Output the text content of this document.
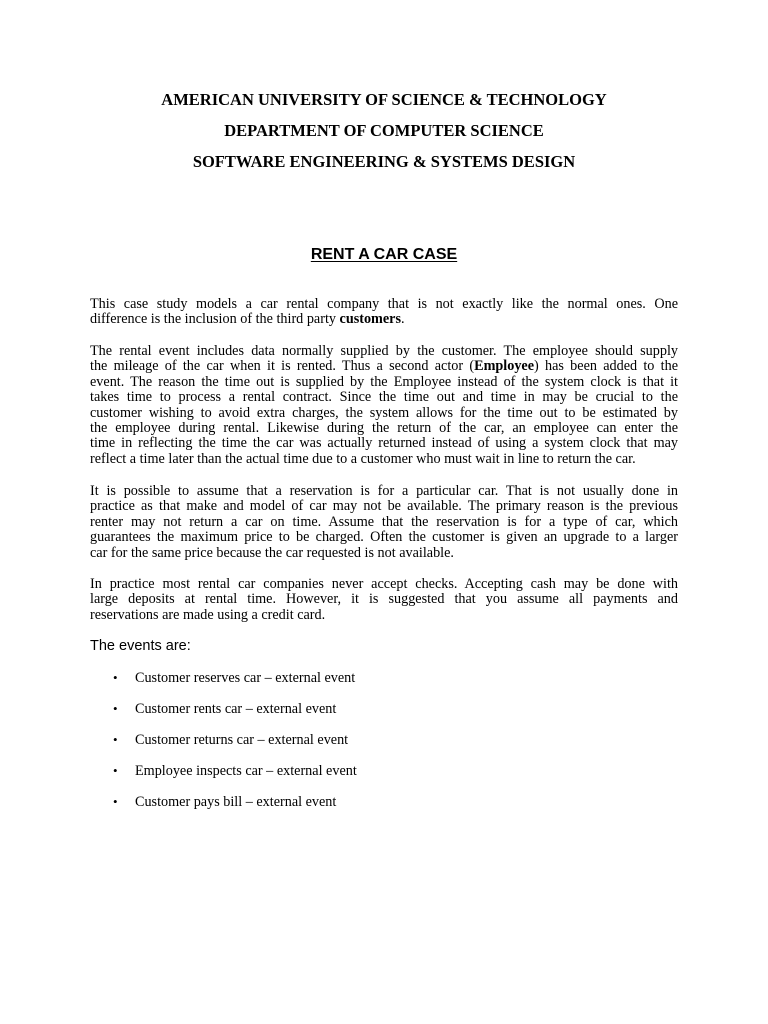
AMERICAN UNIVERSITY OF SCIENCE & TECHNOLOGY
DEPARTMENT OF COMPUTER SCIENCE
SOFTWARE ENGINEERING & SYSTEMS DESIGN
RENT A CAR CASE
This case study models a car rental company that is not exactly like the normal ones. One
difference is the inclusion of the third party customers.
The rental event includes data normally supplied by the customer. The employee should supply
the mileage of the car when it is rented. Thus a second actor (Employee) has been added to the
event. The reason the time out is supplied by the Employee instead of the system clock is that it
takes time to process a rental contract. Since the time out and time in may be crucial to the
customer wishing to avoid extra charges, the system allows for the time out to be estimated by
the employee during rental. Likewise during the return of the car, an employee can enter the
time in reflecting the time the car was actually returned instead of using a system clock that may
reflect a time later than the actual time due to a customer who must wait in line to return the car.
It is possible to assume that a reservation is for a particular car. That is not usually done in
practice as that make and model of car may not be available. The primary reason is the previous
renter may not return a car on time. Assume that the reservation is for a type of car, which
guarantees the maximum price to be charged. Often the customer is given an upgrade to a larger
car for the same price because the car requested is not available.
In practice most rental car companies never accept checks. Accepting cash may be done with
large deposits at rental time. However, it is suggested that you assume all payments and
reservations are made using a credit card.
The events are:
•	Customer reserves car – external event
•	Customer rents car – external event
•	Customer returns car – external event
•	Employee inspects car – external event
•	Customer pays bill – external event
